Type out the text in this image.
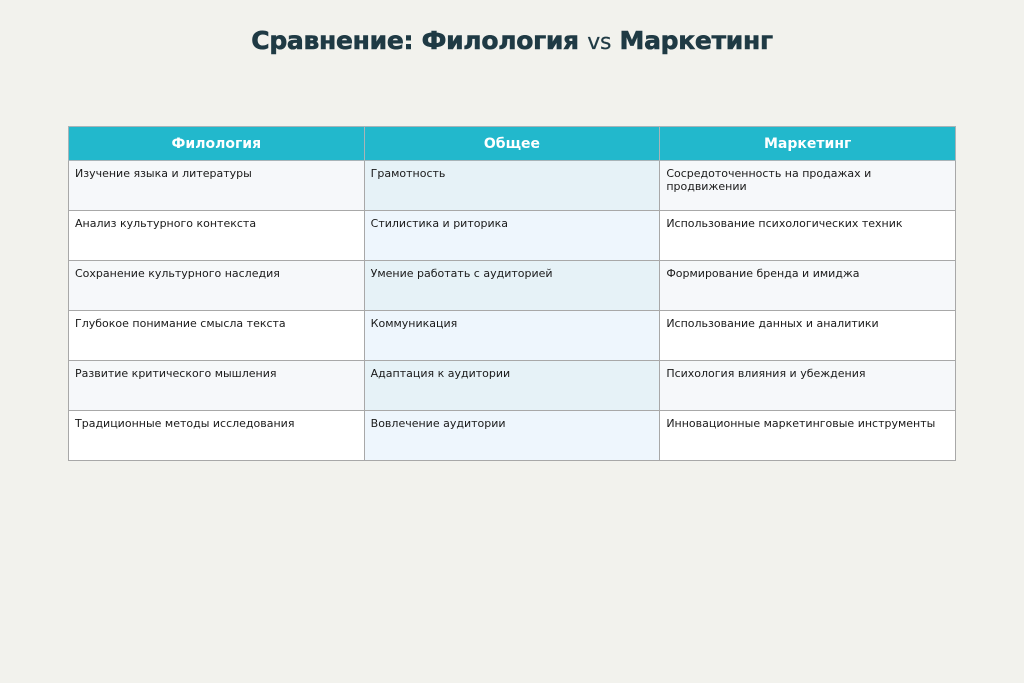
Сравнение: Филология vs Маркетинг
Филология	Общее	Маркетинг
Изучение языка и литературы	Грамотность	Сосредоточенность на продажах и продвижении
Анализ культурного контекста	Стилистика и риторика	Использование психологических техник
Сохранение культурного наследия	Умение работать с аудиторией	Формирование бренда и имиджа
Глубокое понимание смысла текста	Коммуникация	Использование данных и аналитики
Развитие критического мышления	Адаптация к аудитории	Психология влияния и убеждения
Традиционные методы исследования	Вовлечение аудитории	Инновационные маркетинговые инструменты
